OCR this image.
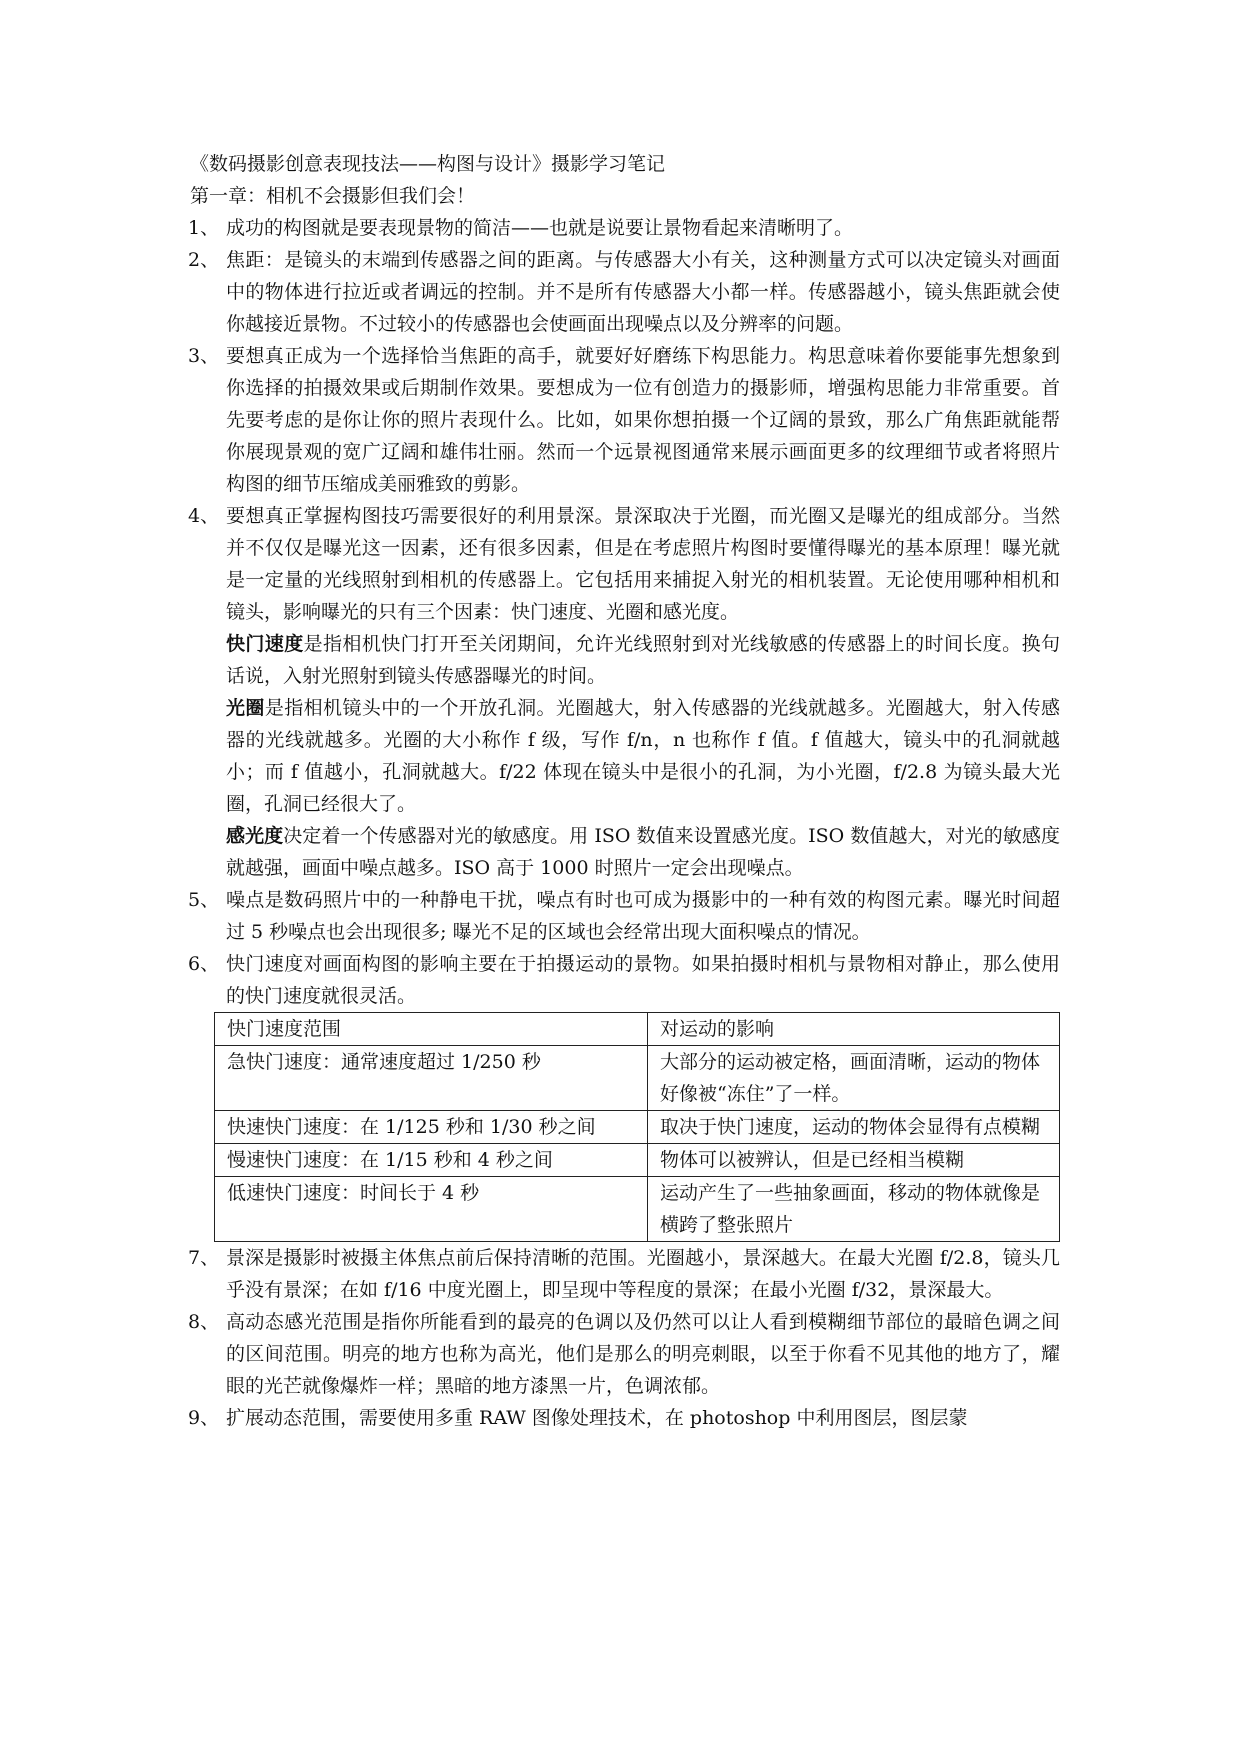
《数码摄影创意表现技法——构图与设计》摄影学习笔记
第一章：相机不会摄影但我们会！
1、 成功的构图就是要表现景物的简洁——也就是说要让景物看起来清晰明了。
2、 焦距：是镜头的末端到传感器之间的距离。与传感器大小有关，这种测量方式可以决定镜头对画面中的物体进行拉近或者调远的控制。并不是所有传感器大小都一样。传感器越小，镜头焦距就会使你越接近景物。不过较小的传感器也会使画面出现噪点以及分辨率的问题。
3、 要想真正成为一个选择恰当焦距的高手，就要好好磨练下构思能力。构思意味着你要能事先想象到你选择的拍摄效果或后期制作效果。要想成为一位有创造力的摄影师，增强构思能力非常重要。首先要考虑的是你让你的照片表现什么。比如，如果你想拍摄一个辽阔的景致，那么广角焦距就能帮你展现景观的宽广辽阔和雄伟壮丽。然而一个远景视图通常来展示画面更多的纹理细节或者将照片构图的细节压缩成美丽雅致的剪影。
4、 要想真正掌握构图技巧需要很好的利用景深。景深取决于光圈，而光圈又是曝光的组成部分。当然并不仅仅是曝光这一因素，还有很多因素，但是在考虑照片构图时要懂得曝光的基本原理！曝光就是一定量的光线照射到相机的传感器上。它包括用来捕捉入射光的相机装置。无论使用哪种相机和镜头，影响曝光的只有三个因素：快门速度、光圈和感光度。
快门速度是指相机快门打开至关闭期间，允许光线照射到对光线敏感的传感器上的时间长度。换句话说，入射光照射到镜头传感器曝光的时间。
光圈是指相机镜头中的一个开放孔洞。光圈越大，射入传感器的光线就越多。光圈越大，射入传感器的光线就越多。光圈的大小称作 f 级，写作 f/n，n 也称作 f 值。f 值越大，镜头中的孔洞就越小；而 f 值越小，孔洞就越大。f/22 体现在镜头中是很小的孔洞，为小光圈，f/2.8 为镜头最大光圈，孔洞已经很大了。
感光度决定着一个传感器对光的敏感度。用 ISO 数值来设置感光度。ISO 数值越大，对光的敏感度就越强，画面中噪点越多。ISO 高于 1000 时照片一定会出现噪点。
5、 噪点是数码照片中的一种静电干扰，噪点有时也可成为摄影中的一种有效的构图元素。曝光时间超过 5 秒噪点也会出现很多; 曝光不足的区域也会经常出现大面积噪点的情况。
6、 快门速度对画面构图的影响主要在于拍摄运动的景物。如果拍摄时相机与景物相对静止，那么使用的快门速度就很灵活。
快门速度范围	对运动的影响
急快门速度：通常速度超过 1/250 秒	大部分的运动被定格，画面清晰，运动的物体好像被“冻住”了一样。
快速快门速度：在 1/125 秒和 1/30 秒之间	取决于快门速度，运动的物体会显得有点模糊
慢速快门速度：在 1/15 秒和 4 秒之间	物体可以被辨认，但是已经相当模糊
低速快门速度：时间长于 4 秒	运动产生了一些抽象画面，移动的物体就像是横跨了整张照片
7、 景深是摄影时被摄主体焦点前后保持清晰的范围。光圈越小，景深越大。在最大光圈 f/2.8，镜头几乎没有景深；在如 f/16 中度光圈上，即呈现中等程度的景深；在最小光圈 f/32，景深最大。
8、 高动态感光范围是指你所能看到的最亮的色调以及仍然可以让人看到模糊细节部位的最暗色调之间的区间范围。明亮的地方也称为高光，他们是那么的明亮刺眼，以至于你看不见其他的地方了，耀眼的光芒就像爆炸一样；黑暗的地方漆黑一片，色调浓郁。
9、 扩展动态范围，需要使用多重 RAW 图像处理技术，在 photoshop 中利用图层，图层蒙
